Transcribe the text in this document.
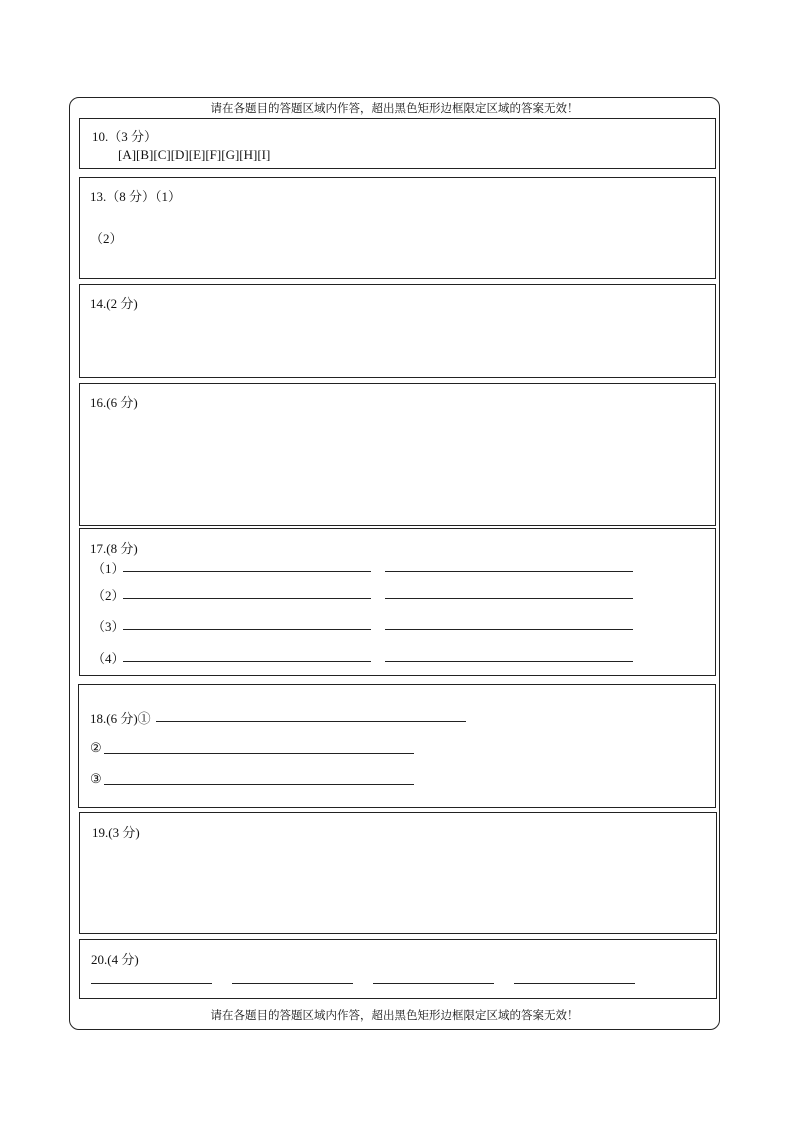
请在各题目的答题区域内作答，超出黑色矩形边框限定区域的答案无效！
10.（3 分）
[A][B][C][D][E][F][G][H][I]
13.（8 分）（1）
（2）
14.(2 分)
16.(6 分)
17.(8 分)
（1）
（2）
（3）
（4）
18.(6 分)①
②
③
19.(3 分)
20.(4 分)
请在各题目的答题区域内作答，超出黑色矩形边框限定区域的答案无效！
